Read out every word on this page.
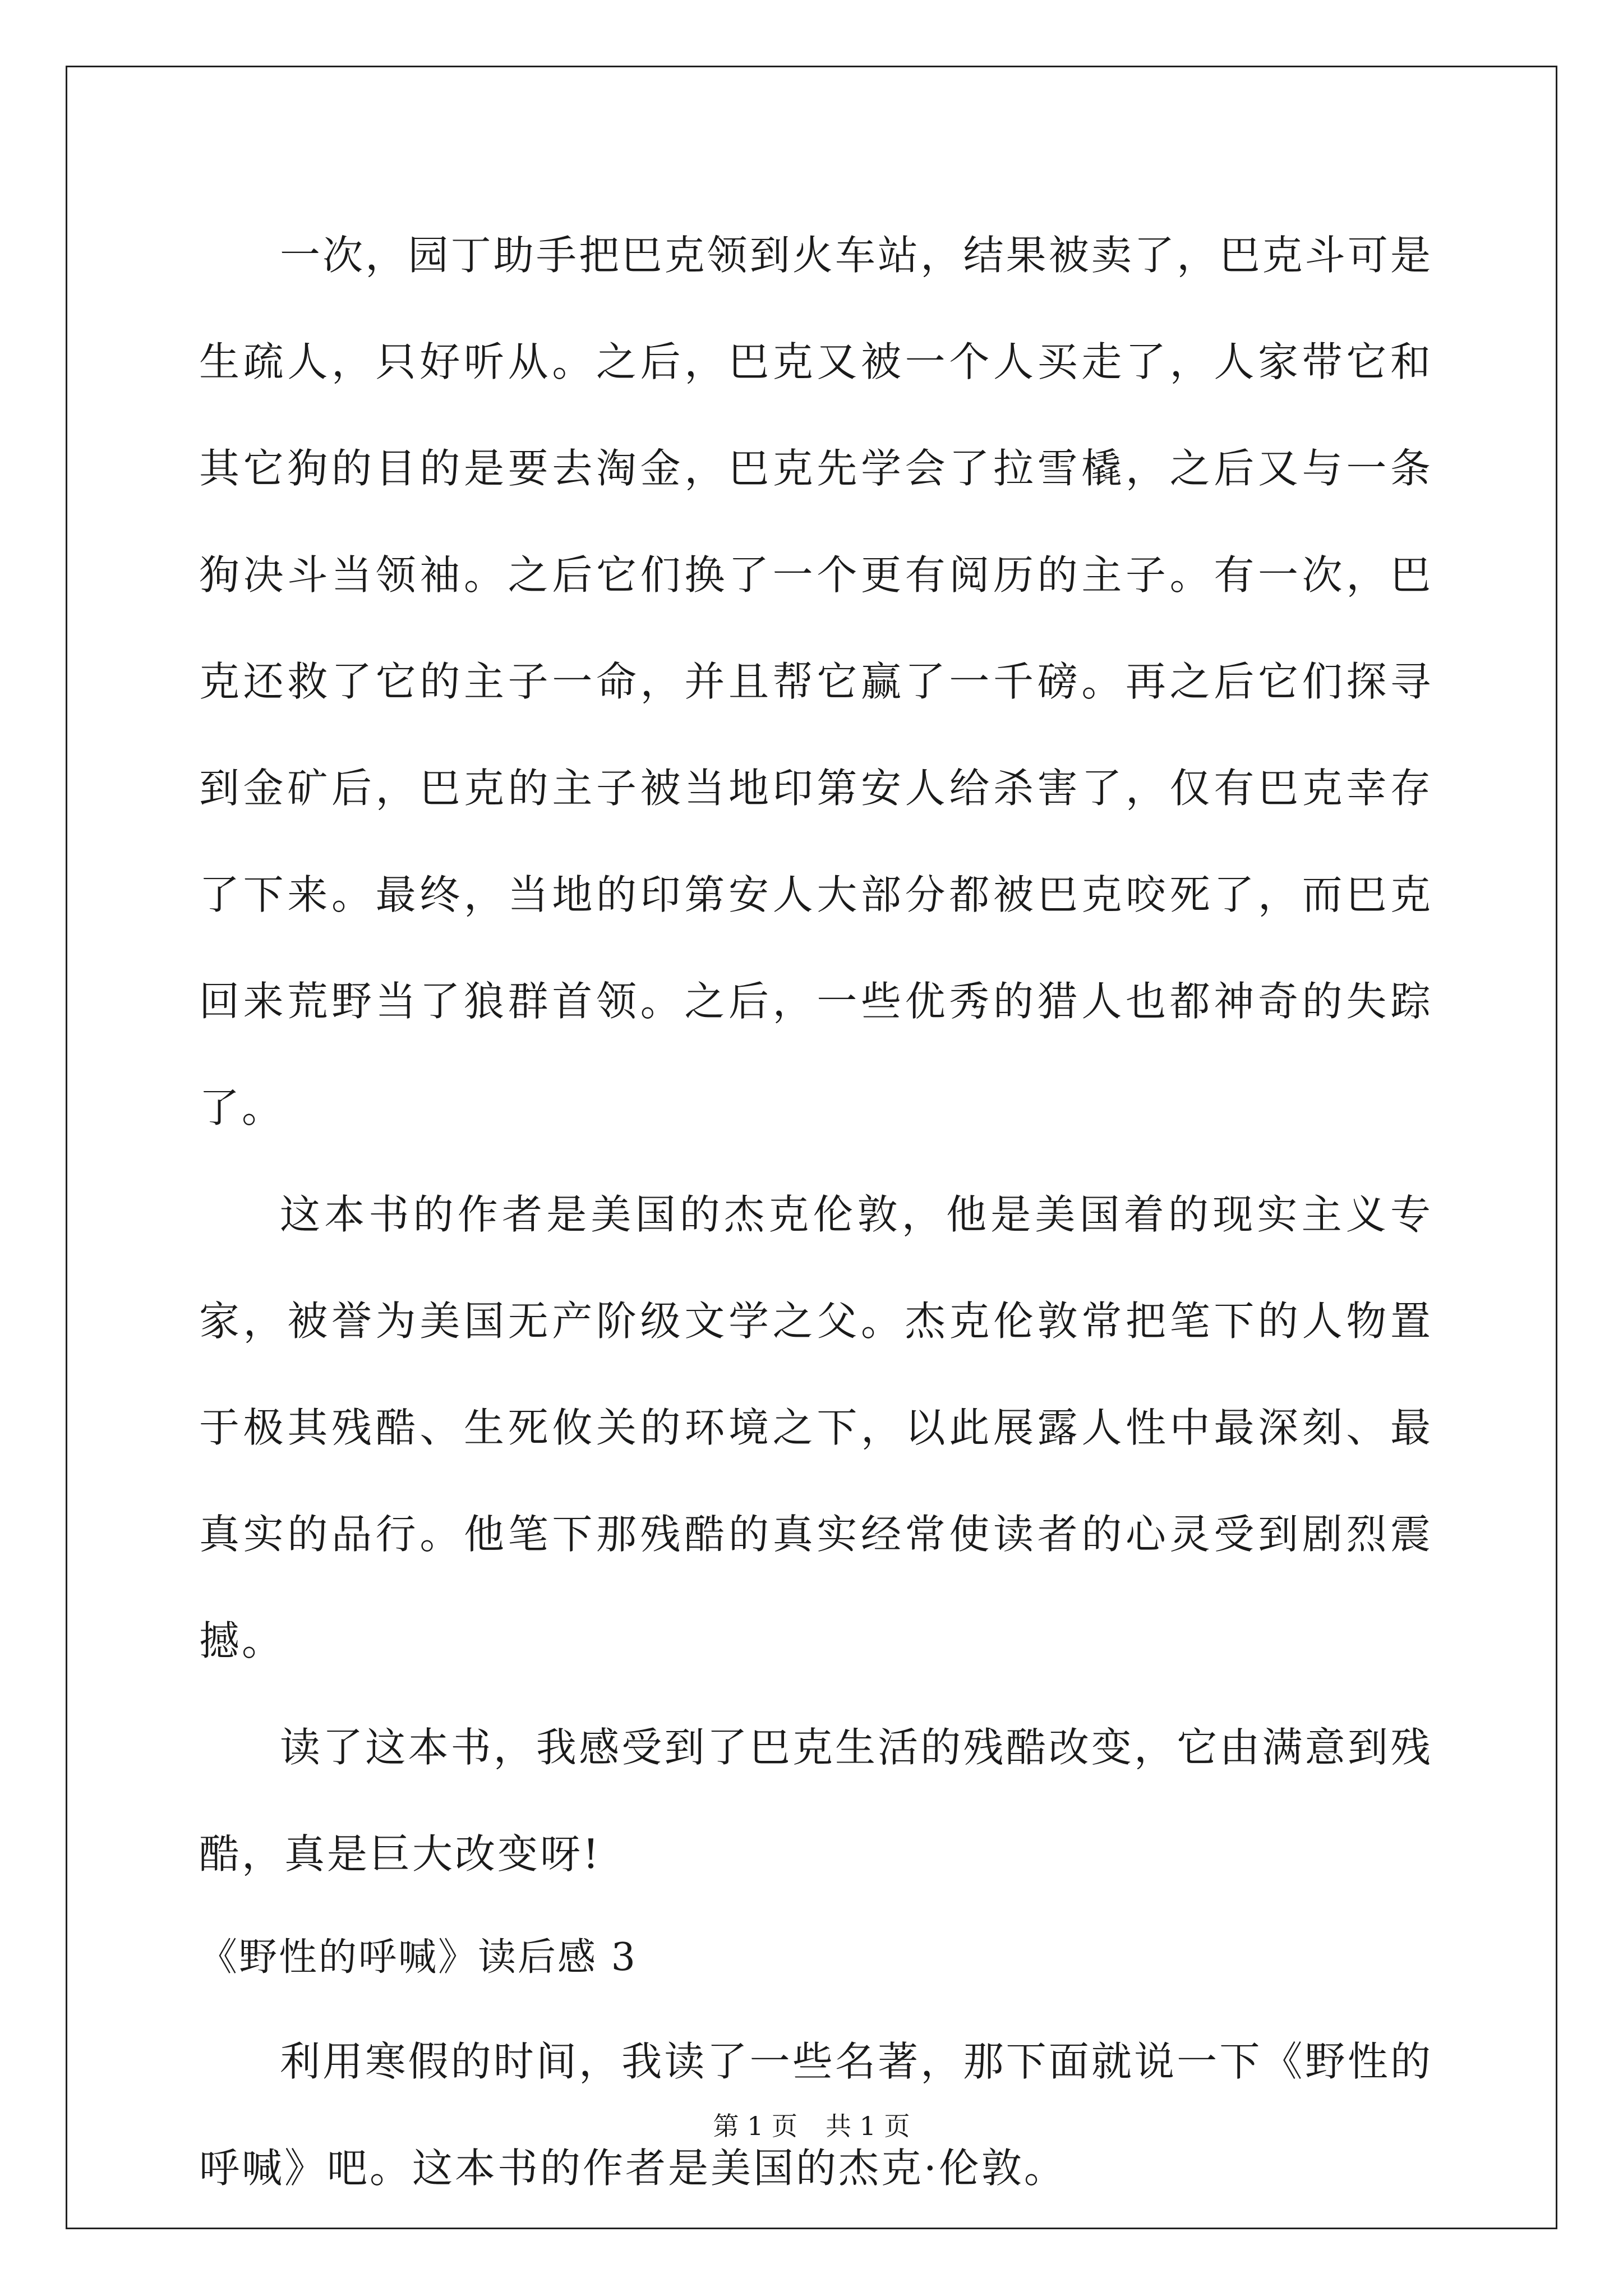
一次，园丁助手把巴克领到火车站，结果被卖了，巴克斗可是生疏人，只好听从。之后，巴克又被一个人买走了，人家带它和其它狗的目的是要去淘金，巴克先学会了拉雪橇，之后又与一条狗决斗当领袖。之后它们换了一个更有阅历的主子。有一次，巴克还救了它的主子一命，并且帮它赢了一千磅。再之后它们探寻到金矿后，巴克的主子被当地印第安人给杀害了，仅有巴克幸存了下来。最终，当地的印第安人大部分都被巴克咬死了，而巴克回来荒野当了狼群首领。之后，一些优秀的猎人也都神奇的失踪了。

这本书的作者是美国的杰克伦敦，他是美国着的现实主义专家，被誉为美国无产阶级文学之父。杰克伦敦常把笔下的人物置于极其残酷、生死攸关的环境之下，以此展露人性中最深刻、最真实的品行。他笔下那残酷的真实经常使读者的心灵受到剧烈震撼。

读了这本书，我感受到了巴克生活的残酷改变，它由满意到残酷，真是巨大改变呀!

《野性的呼喊》读后感 3

利用寒假的时间，我读了一些名著，那下面就说一下《野性的呼喊》吧。这本书的作者是美国的杰克·伦敦。

第 1 页 共 1 页
